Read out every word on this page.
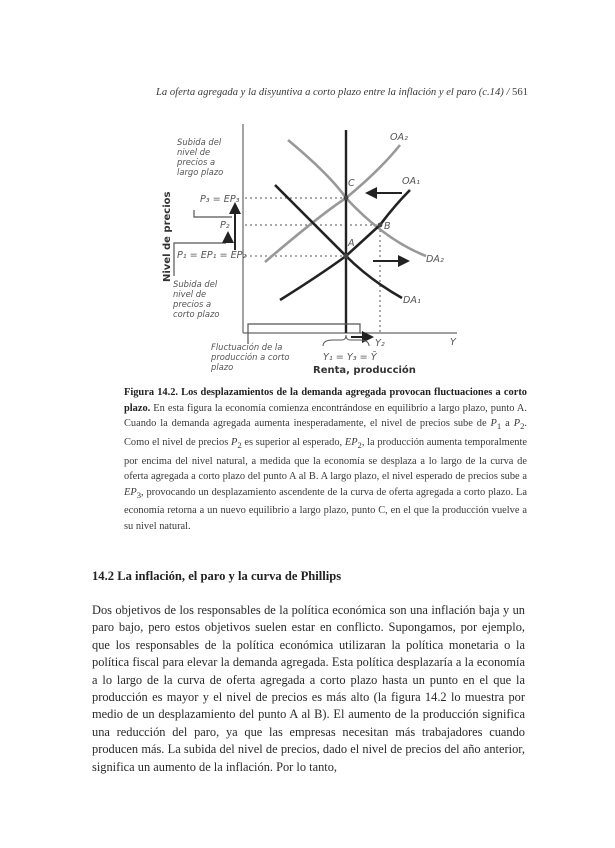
La oferta agregada y la disyuntiva a corto plazo entre la inflación y el paro (c.14) / 561
Subida del nivel de precios a largo plazo
Subida del nivel de precios a corto plazo
Fluctuación de la producción a corto plazo
P₃ = EP₃
P₂
P₁ = EP₁ = EP₂
OA₂
OA₁
DA₂
DA₁
C
B
A
Y
Y₂
Y₁ = Y₃ = Ȳ
Renta, producción
Nivel de precios
Figura 14.2. Los desplazamientos de la demanda agregada provocan fluctuaciones a corto plazo. En esta figura la economía comienza encontrándose en equilibrio a largo plazo, punto A. Cuando la demanda agregada aumenta inesperadamente, el nivel de precios sube de $P_1$ a $P_2$. Como el nivel de precios $P_2$ es superior al esperado, $EP_2$, la producción aumenta temporalmente por encima del nivel natural, a medida que la economía se desplaza a lo largo de la curva de oferta agregada a corto plazo del punto A al B. A largo plazo, el nivel esperado de precios sube a $EP_3$, provocando un desplazamiento ascendente de la curva de oferta agregada a corto plazo. La economía retorna a un nuevo equilibrio a largo plazo, punto C, en el que la producción vuelve a su nivel natural.
14.2 La inflación, el paro y la curva de Phillips

Dos objetivos de los responsables de la política económica son una inflación baja y un paro bajo, pero estos objetivos suelen estar en conflicto. Supongamos, por ejemplo, que los responsables de la política económica utilizaran la política monetaria o la política fiscal para elevar la demanda agregada. Esta política desplazaría a la economía a lo largo de la curva de oferta agregada a corto plazo hasta un punto en el que la producción es mayor y el nivel de precios es más alto (la figura 14.2 lo muestra por medio de un desplazamiento del punto A al B). El aumento de la producción significa una reducción del paro, ya que las empresas necesitan más trabajadores cuando producen más. La subida del nivel de precios, dado el nivel de precios del año anterior, significa un aumento de la inflación. Por lo tanto,
